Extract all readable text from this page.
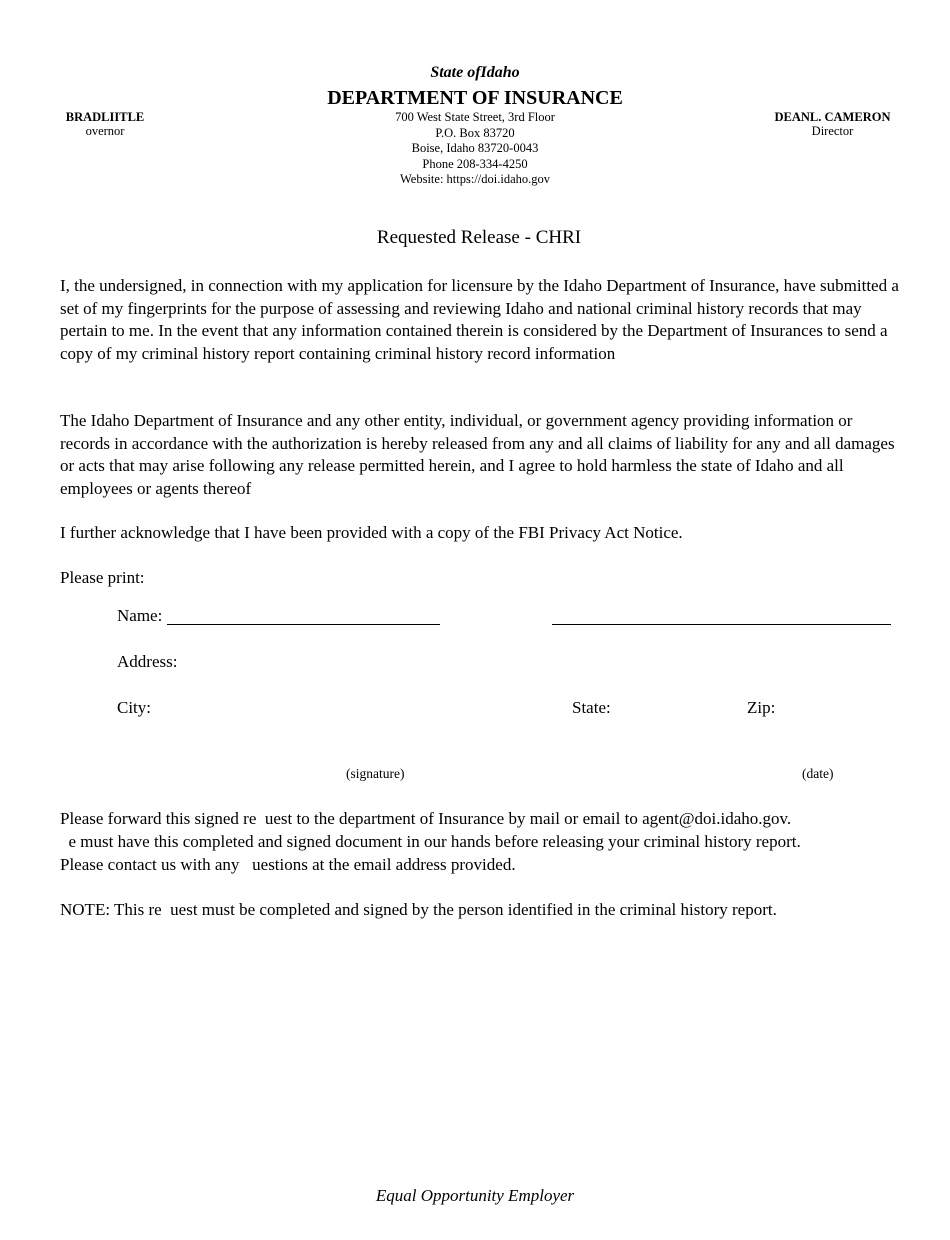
State ofIdaho
DEPARTMENT OF INSURANCE
700 West State Street, 3rd Floor
P.O. Box 83720
Boise, Idaho 83720-0043
Phone 208-334-4250
Website: https://doi.idaho.gov
BRADLIITLE
overnor
DEANL. CAMERON
Director
Requested Release - CHRI

I, the undersigned, in connection with my application for licensure by the Idaho Department of Insurance, have submitted a set of my fingerprints for the purpose of assessing and reviewing Idaho and national criminal history records that may pertain to me. In the event that any information contained therein is considered by the Department of Insurances to send a copy of my criminal history report containing criminal history record information

The Idaho Department of Insurance and any other entity, individual, or government agency providing information or records in accordance with the authorization is hereby released from any and all claims of liability for any and all damages or acts that may arise following any release permitted herein, and I agree to hold harmless the state of Idaho and all employees or agents thereof

I further acknowledge that I have been provided with a copy of the FBI Privacy Act Notice.

Please print:

Name:
Address:
City:	State:	Zip:
(signature)	(date)
Please forward this signed re  uest to the department of Insurance by mail or email to agent@doi.idaho.gov.
e must have this completed and signed document in our hands before releasing your criminal history report.
Please contact us with any   uestions at the email address provided.
NOTE: This re  uest must be completed and signed by the person identified in the criminal history report.
Equal Opportunity Employer
